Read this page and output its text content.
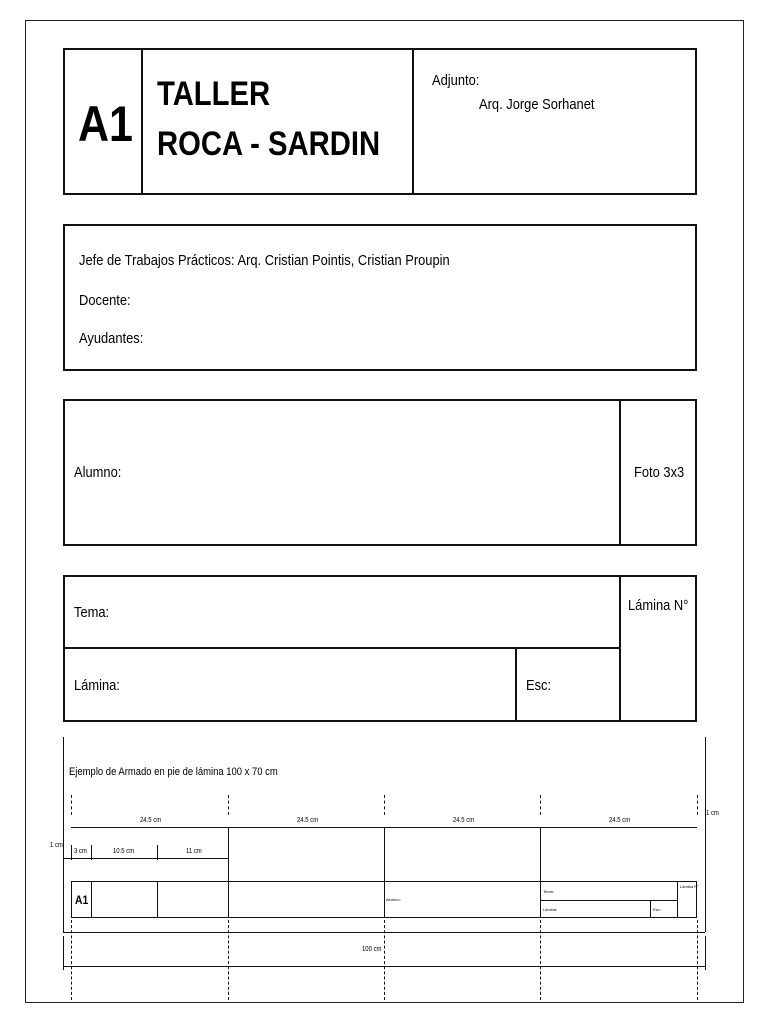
A1
TALLER
ROCA - SARDIN
Adjunto:
Arq. Jorge Sorhanet
Jefe de Trabajos Prácticos: Arq. Cristian Pointis, Cristian Proupin
Docente:
Ayudantes:
Alumno:	Foto 3x3
Tema:	Lámina N°
Lámina:	Esc:
Ejemplo de Armado en pie de lámina 100 x 70 cm
24.5 cm	24.5 cm	24.5 cm	24.5 cm
1 cm
1 cm
3 cm	10.5 cm	11 cm
A1	Alumno:
Tema:
Lámina N°
Lámina:	Esc:
100 cm
